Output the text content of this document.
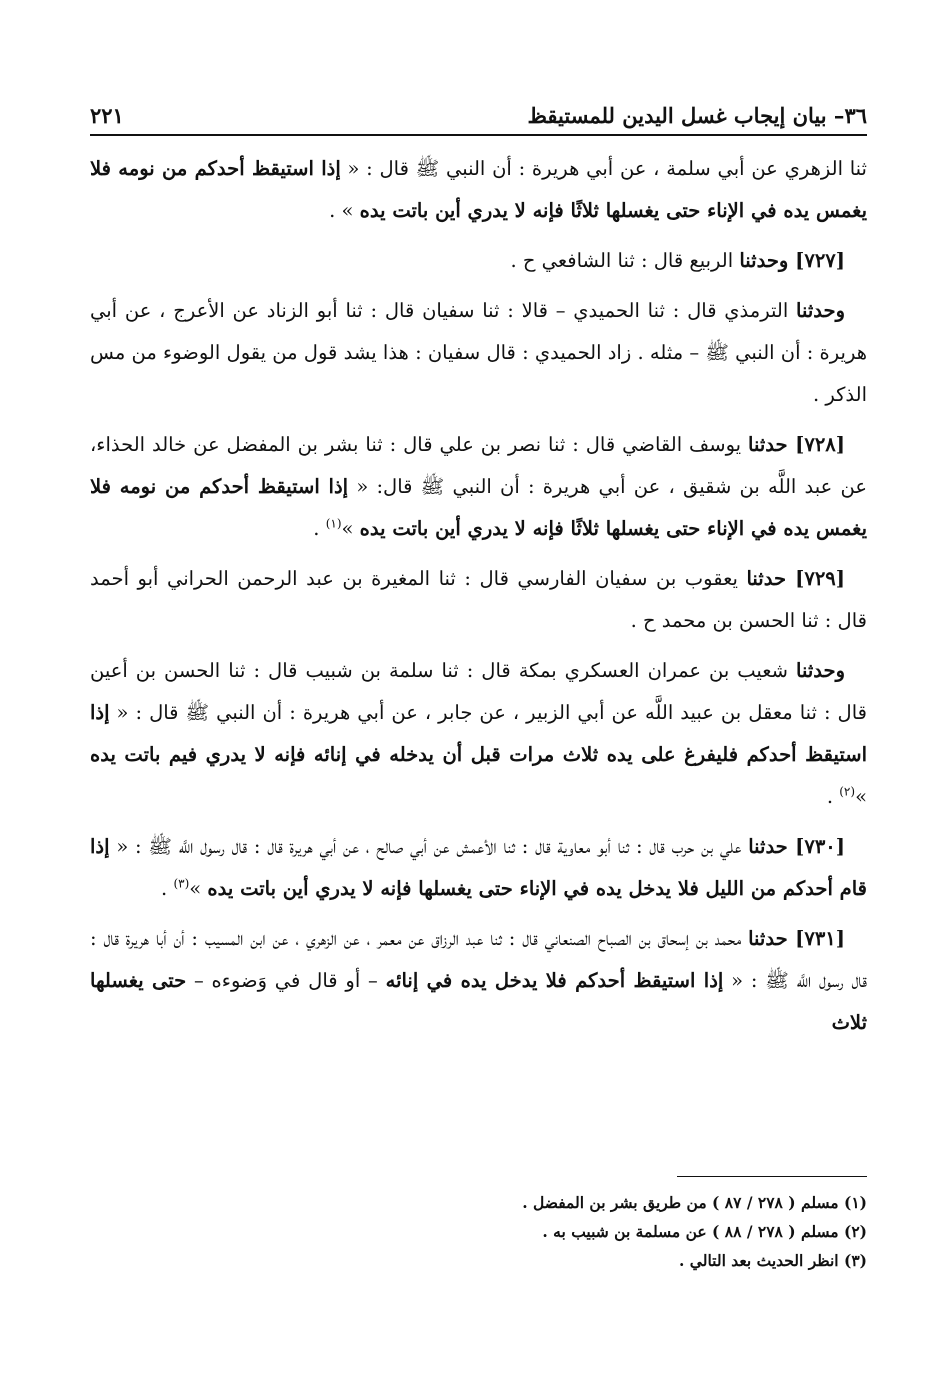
٣٦– بيان إيجاب غسل اليدين للمستيقظ
٢٢١

ثنا الزهري عن أبي سلمة ، عن أبي هريرة : أن النبي ﷺ قال : « إذا استيقظ أحدكم من نومه فلا يغمس يده في الإناء حتى يغسلها ثلاثًا فإنه لا يدري أين باتت يده » .

[٧٢٧] وحدثنا الربيع قال : ثنا الشافعي ح .

وحدثنا الترمذي قال : ثنا الحميدي – قالا : ثنا سفيان قال : ثنا أبو الزناد عن الأعرج ، عن أبي هريرة : أن النبي ﷺ – مثله . زاد الحميدي : قال سفيان : هذا يشد قول من يقول الوضوء من مس الذكر .

[٧٢٨] حدثنا يوسف القاضي قال : ثنا نصر بن علي قال : ثنا بشر بن المفضل عن خالد الحذاء، عن عبد اللَّه بن شقيق ، عن أبي هريرة : أن النبي ﷺ قال: « إذا استيقظ أحدكم من نومه فلا يغمس يده في الإناء حتى يغسلها ثلاثًا فإنه لا يدري أين باتت يده »$^{(١)}$ .

[٧٢٩] حدثنا يعقوب بن سفيان الفارسي قال : ثنا المغيرة بن عبد الرحمن الحراني أبو أحمد قال : ثنا الحسن بن محمد ح .

وحدثنا شعيب بن عمران العسكري بمكة قال : ثنا سلمة بن شبيب قال : ثنا الحسن بن أعين قال : ثنا معقل بن عبيد اللَّه عن أبي الزبير ، عن جابر ، عن أبي هريرة : أن النبي ﷺ قال : « إذا استيقظ أحدكم فليفرغ على يده ثلاث مرات قبل أن يدخله في إنائه فإنه لا يدري فيم باتت يده »$^{(٢)}$ .

[٧٣٠] حدثنا علي بن حرب قال : ثنا أبو معاوية قال : ثنا الأعمش عن أبي صالح ، عن أبي هريرة قال : قال رسول اللَّه ﷺ : « إذا قام أحدكم من الليل فلا يدخل يده في الإناء حتى يغسلها فإنه لا يدري أين باتت يده »$^{(٣)}$ .

[٧٣١] حدثنا محمد بن إسحاق بن الصباح الصنعاني قال : ثنا عبد الرزاق عن معمر ، عن الزهري ، عن ابن المسيب : أن أبا هريرة قال : قال رسول اللَّه ﷺ : « إذا استيقظ أحدكم فلا يدخل يده في إنائه – أو قال في وَضوءه – حتى يغسلها ثلاث

(١) مسلم ( ٢٧٨ / ٨٧ ) من طريق بشر بن المفضل .
(٢) مسلم ( ٢٧٨ / ٨٨ ) عن مسلمة بن شبيب به .
(٣) انظر الحديث بعد التالي .
